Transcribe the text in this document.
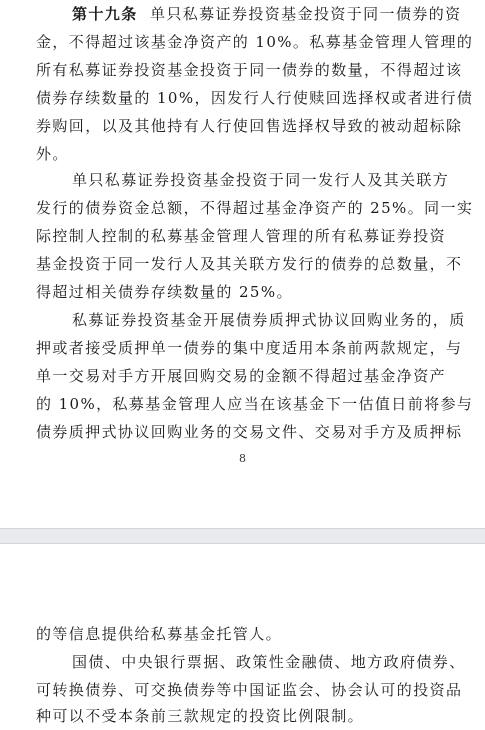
第十九条 单只私募证券投资基金投资于同一债券的资
金，不得超过该基金净资产的 10%。私募基金管理人管理的
所有私募证券投资基金投资于同一债券的数量，不得超过该
债券存续数量的 10%，因发行人行使赎回选择权或者进行债
券购回，以及其他持有人行使回售选择权导致的被动超标除
外。
单只私募证券投资基金投资于同一发行人及其关联方
发行的债券资金总额，不得超过基金净资产的 25%。同一实
际控制人控制的私募基金管理人管理的所有私募证券投资
基金投资于同一发行人及其关联方发行的债券的总数量，不
得超过相关债券存续数量的 25%。
私募证券投资基金开展债券质押式协议回购业务的，质
押或者接受质押单一债券的集中度适用本条前两款规定，与
单一交易对手方开展回购交易的金额不得超过基金净资产
的 10%，私募基金管理人应当在该基金下一估值日前将参与
债券质押式协议回购业务的交易文件、交易对手方及质押标
8
的等信息提供给私募基金托管人。
国债、中央银行票据、政策性金融债、地方政府债券、
可转换债券、可交换债券等中国证监会、协会认可的投资品
种可以不受本条前三款规定的投资比例限制。
